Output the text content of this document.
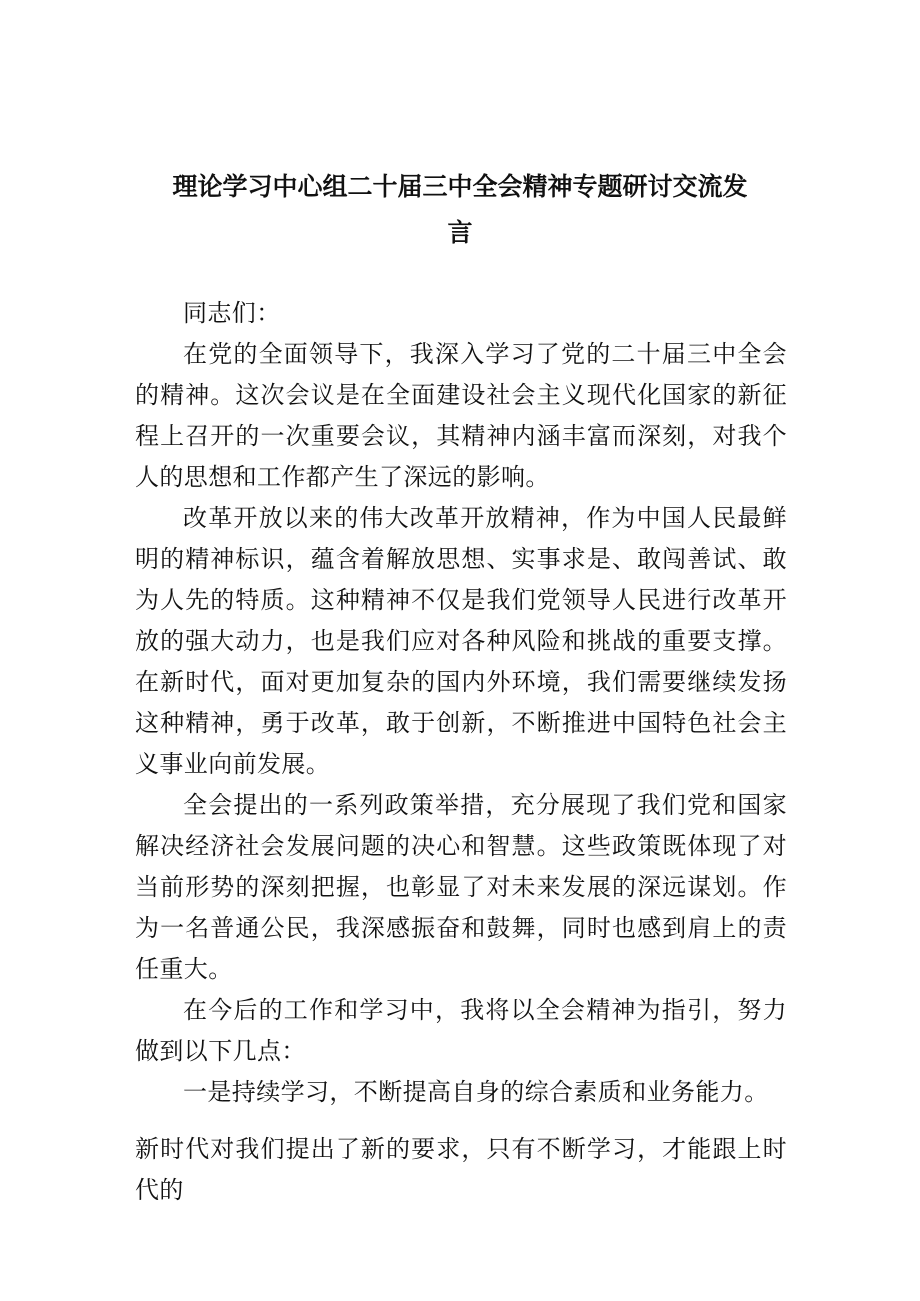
理论学习中心组二十届三中全会精神专题研讨交流发
言

同志们：

在党的全面领导下，我深入学习了党的二十届三中全会的精神。这次会议是在全面建设社会主义现代化国家的新征程上召开的一次重要会议，其精神内涵丰富而深刻，对我个人的思想和工作都产生了深远的影响。

改革开放以来的伟大改革开放精神，作为中国人民最鲜明的精神标识，蕴含着解放思想、实事求是、敢闯善试、敢为人先的特质。这种精神不仅是我们党领导人民进行改革开放的强大动力，也是我们应对各种风险和挑战的重要支撑。在新时代，面对更加复杂的国内外环境，我们需要继续发扬这种精神，勇于改革，敢于创新，不断推进中国特色社会主义事业向前发展。

全会提出的一系列政策举措，充分展现了我们党和国家解决经济社会发展问题的决心和智慧。这些政策既体现了对当前形势的深刻把握，也彰显了对未来发展的深远谋划。作为一名普通公民，我深感振奋和鼓舞，同时也感到肩上的责任重大。

在今后的工作和学习中，我将以全会精神为指引，努力做到以下几点：

一是持续学习，不断提高自身的综合素质和业务能力。

新时代对我们提出了新的要求，只有不断学习，才能跟上时代的
